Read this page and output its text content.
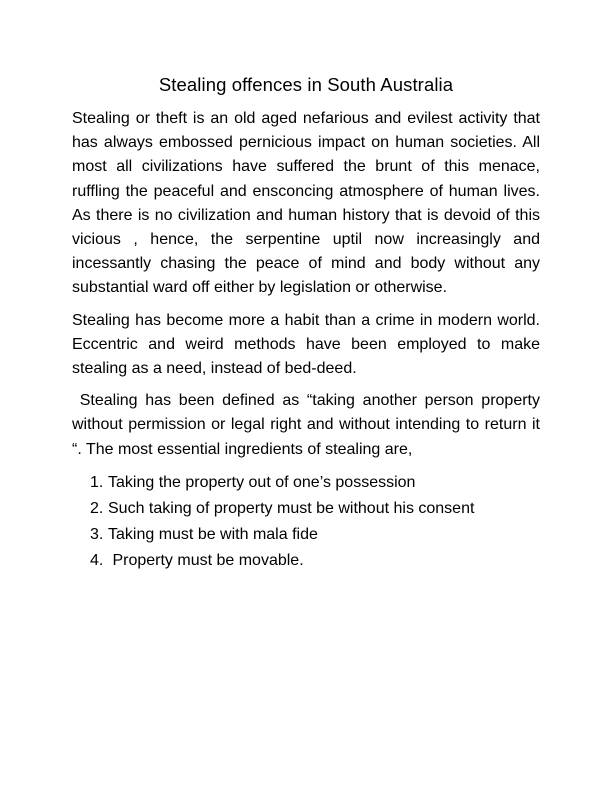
Stealing offences in South Australia

Stealing or theft is an old aged nefarious and evilest activity that has always embossed pernicious impact on human societies. All most all civilizations have suffered the brunt of this menace, ruffling the peaceful and ensconcing atmosphere of human lives. As there is no civilization and human history that is devoid of this vicious , hence, the serpentine uptil now increasingly and incessantly chasing the peace of mind and body without any substantial ward off either by legislation or otherwise.

Stealing has become more a habit than a crime in modern world. Eccentric and weird methods have been employed to make stealing as a need, instead of bed-deed.

Stealing has been defined as “taking another person property without permission or legal right and without intending to return it “. The most essential ingredients of stealing are,

1. Taking the property out of one’s possession
2. Such taking of property must be without his consent
3. Taking must be with mala fide
4. Property must be movable.
